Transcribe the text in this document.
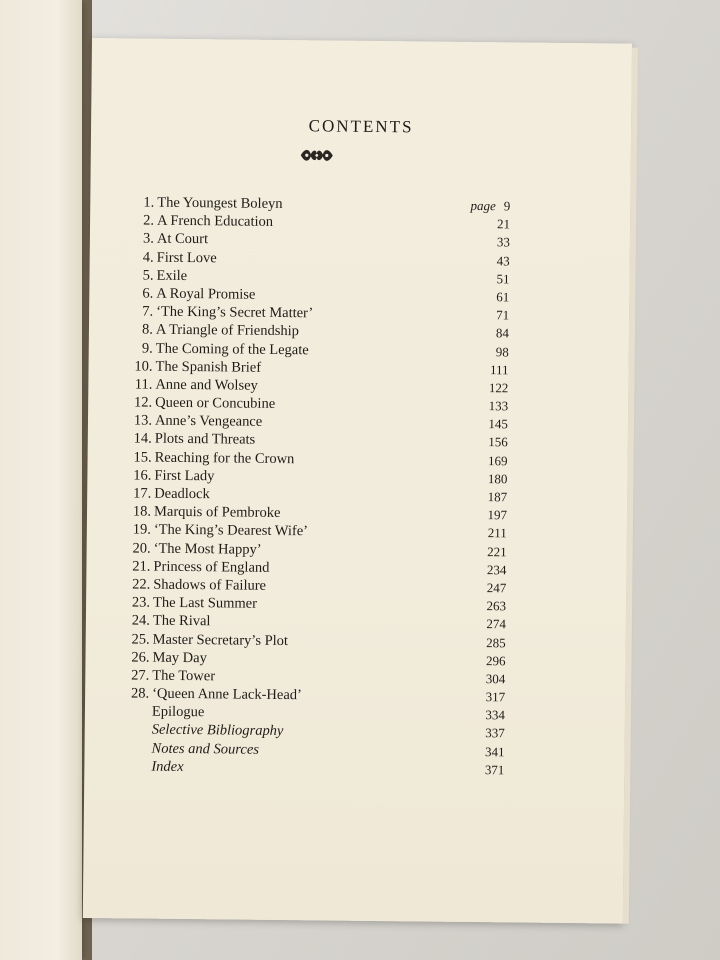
CONTENTS
1. The Youngest Boleyn	page 9
2. A French Education	21
3. At Court	33
4. First Love	43
5. Exile	51
6. A Royal Promise	61
7. ‘The King’s Secret Matter’	71
8. A Triangle of Friendship	84
9. The Coming of the Legate	98
10. The Spanish Brief	111
11. Anne and Wolsey	122
12. Queen or Concubine	133
13. Anne’s Vengeance	145
14. Plots and Threats	156
15. Reaching for the Crown	169
16. First Lady	180
17. Deadlock	187
18. Marquis of Pembroke	197
19. ‘The King’s Dearest Wife’	211
20. ‘The Most Happy’	221
21. Princess of England	234
22. Shadows of Failure	247
23. The Last Summer	263
24. The Rival	274
25. Master Secretary’s Plot	285
26. May Day	296
27. The Tower	304
28. ‘Queen Anne Lack-Head’	317
Epilogue	334
Selective Bibliography	337
Notes and Sources	341
Index	371
